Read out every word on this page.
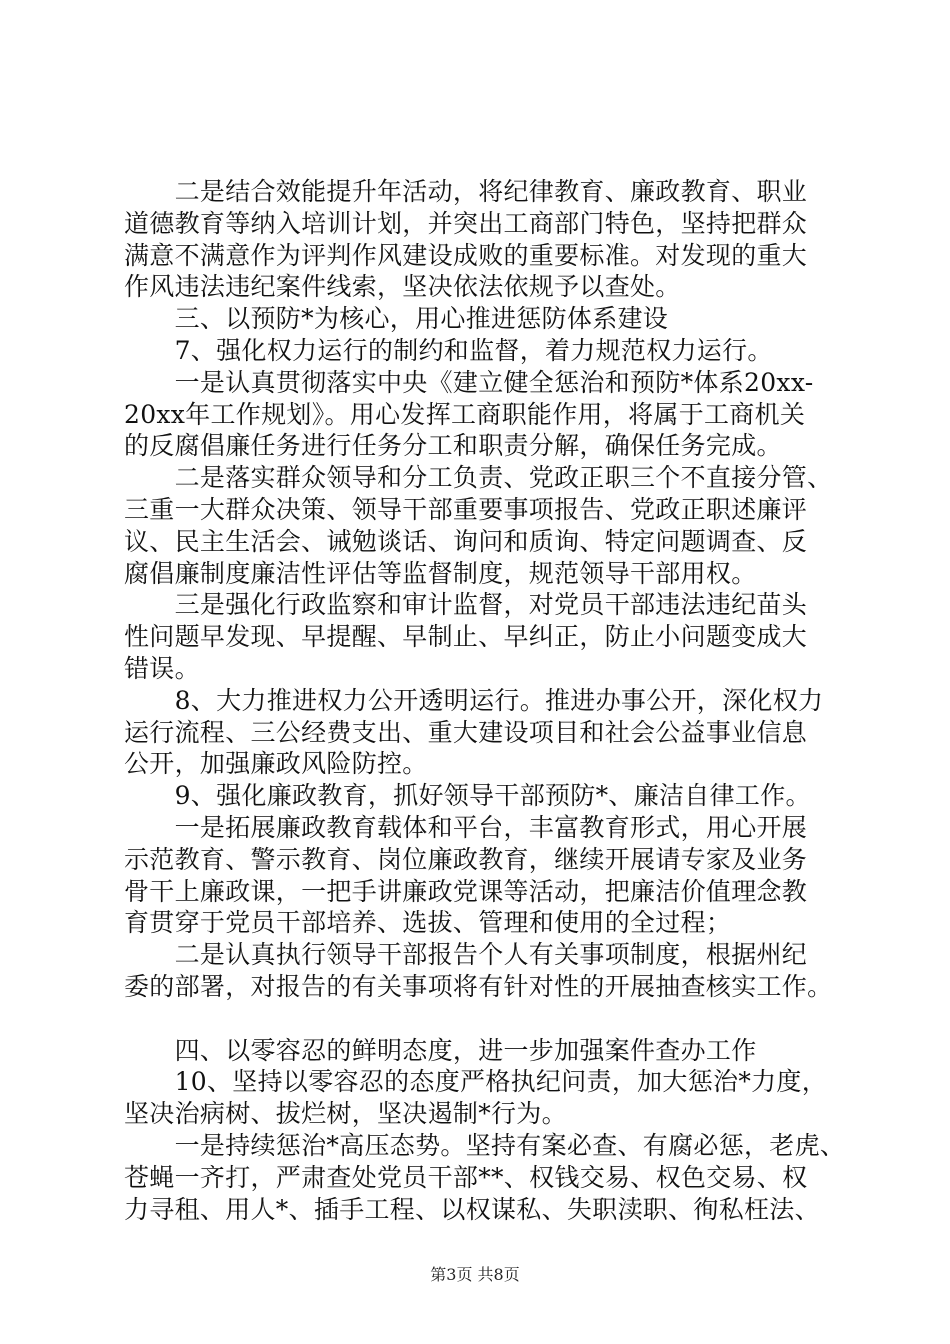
　　二是结合效能提升年活动，将纪律教育、廉政教育、职业
道德教育等纳入培训计划，并突出工商部门特色，坚持把群众
满意不满意作为评判作风建设成败的重要标准。对发现的重大
作风违法违纪案件线索，坚决依法依规予以查处。
　　三、以预防*为核心，用心推进惩防体系建设
　　7、强化权力运行的制约和监督，着力规范权力运行。
　　一是认真贯彻落实中央《建立健全惩治和预防*体系20xx-
20xx年工作规划》。用心发挥工商职能作用，将属于工商机关
的反腐倡廉任务进行任务分工和职责分解，确保任务完成。
　　二是落实群众领导和分工负责、党政正职三个不直接分管、
三重一大群众决策、领导干部重要事项报告、党政正职述廉评
议、民主生活会、诫勉谈话、询问和质询、特定问题调查、反
腐倡廉制度廉洁性评估等监督制度，规范领导干部用权。
　　三是强化行政监察和审计监督，对党员干部违法违纪苗头
性问题早发现、早提醒、早制止、早纠正，防止小问题变成大
错误。
　　8、大力推进权力公开透明运行。推进办事公开，深化权力
运行流程、三公经费支出、重大建设项目和社会公益事业信息
公开，加强廉政风险防控。
　　9、强化廉政教育，抓好领导干部预防*、廉洁自律工作。
　　一是拓展廉政教育载体和平台，丰富教育形式，用心开展
示范教育、警示教育、岗位廉政教育，继续开展请专家及业务
骨干上廉政课，一把手讲廉政党课等活动，把廉洁价值理念教
育贯穿于党员干部培养、选拔、管理和使用的全过程；
　　二是认真执行领导干部报告个人有关事项制度，根据州纪
委的部署，对报告的有关事项将有针对性的开展抽查核实工作。
　　四、以零容忍的鲜明态度，进一步加强案件查办工作
　　10、坚持以零容忍的态度严格执纪问责，加大惩治*力度，
坚决治病树、拔烂树，坚决遏制*行为。
　　一是持续惩治*高压态势。坚持有案必查、有腐必惩，老虎、
苍蝇一齐打，严肃查处党员干部**、权钱交易、权色交易、权
力寻租、用人*、插手工程、以权谋私、失职渎职、徇私枉法、
第3页 共8页
